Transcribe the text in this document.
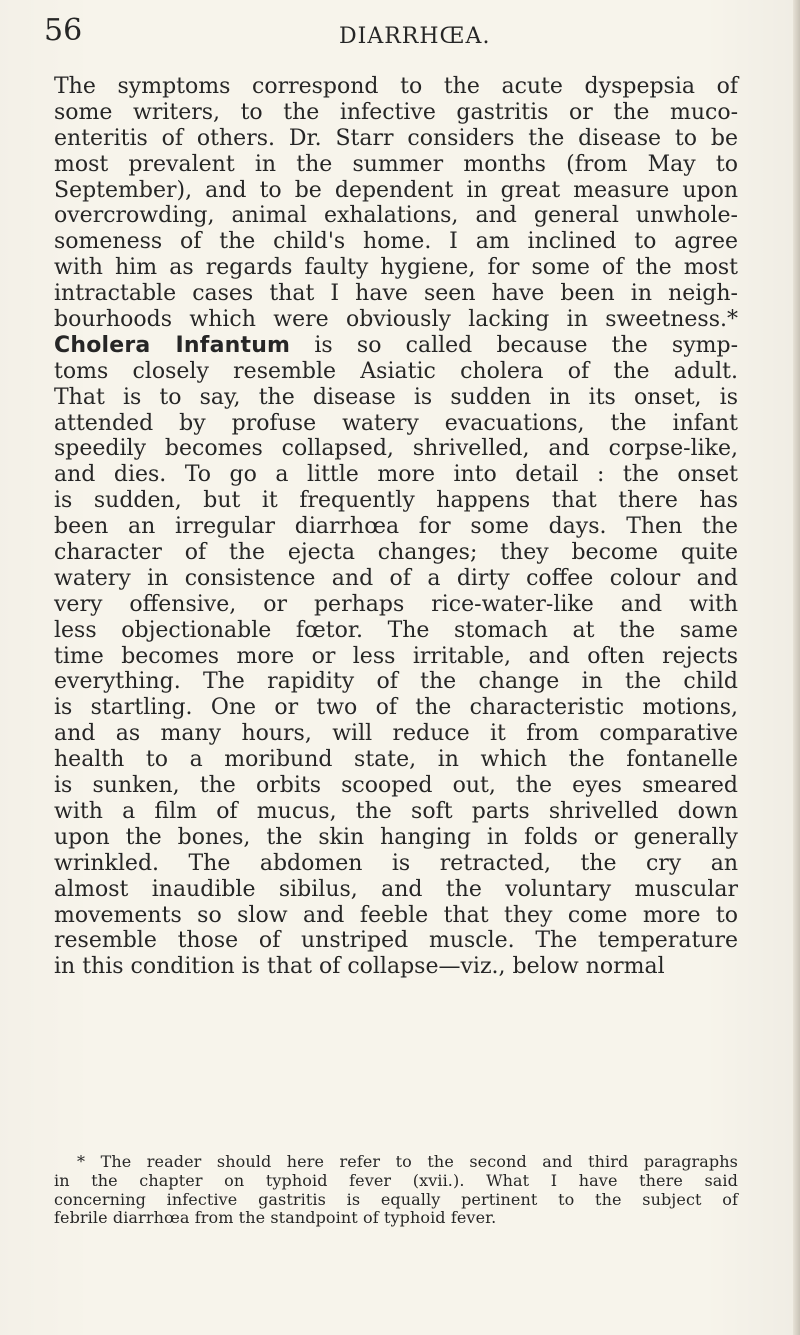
56	DIARRHŒA.
The symptoms correspond to the acute dyspepsia of
some writers, to the infective gastritis or the muco-
enteritis of others. Dr. Starr considers the disease to be
most prevalent in the summer months (from May to
September), and to be dependent in great measure upon
overcrowding, animal exhalations, and general unwhole-
someness of the child's home. I am inclined to agree
with him as regards faulty hygiene, for some of the most
intractable cases that I have seen have been in neigh-
bourhoods which were obviously lacking in sweetness.*
Cholera Infantum is so called because the symp-
toms closely resemble Asiatic cholera of the adult.
That is to say, the disease is sudden in its onset, is
attended by profuse watery evacuations, the infant
speedily becomes collapsed, shrivelled, and corpse-like,
and dies. To go a little more into detail : the onset
is sudden, but it frequently happens that there has
been an irregular diarrhœa for some days. Then the
character of the ejecta changes; they become quite
watery in consistence and of a dirty coffee colour and
very offensive, or perhaps rice-water-like and with
less objectionable fœtor. The stomach at the same
time becomes more or less irritable, and often rejects
everything. The rapidity of the change in the child
is startling. One or two of the characteristic motions,
and as many hours, will reduce it from comparative
health to a moribund state, in which the fontanelle
is sunken, the orbits scooped out, the eyes smeared
with a film of mucus, the soft parts shrivelled down
upon the bones, the skin hanging in folds or generally
wrinkled. The abdomen is retracted, the cry an
almost inaudible sibilus, and the voluntary muscular
movements so slow and feeble that they come more to
resemble those of unstriped muscle. The temperature
in this condition is that of collapse—viz., below normal
* The reader should here refer to the second and third paragraphs
in the chapter on typhoid fever (xvii.). What I have there said
concerning infective gastritis is equally pertinent to the subject of
febrile diarrhœa from the standpoint of typhoid fever.
